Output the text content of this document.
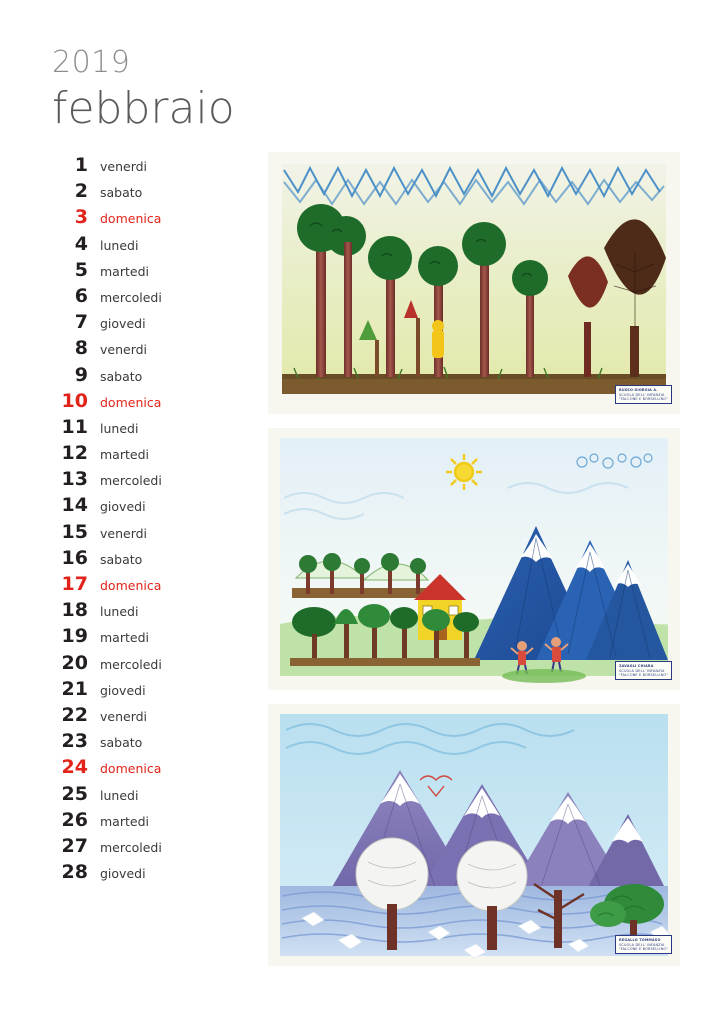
2019
febbraio
1 venerdi
2 sabato
3 domenica
4 lunedi
5 martedi
6 mercoledi
7 giovedi
8 venerdi
9 sabato
10 domenica
11 lunedi
12 martedi
13 mercoledi
14 giovedi
15 venerdi
16 sabato
17 domenica
18 lunedi
19 martedi
20 mercoledi
21 giovedi
22 venerdi
23 sabato
24 domenica
25 lunedi
26 martedi
27 mercoledi
28 giovedi
RUSSO GIORGIA A.
SCUOLA DELL' INFANZIA
"FALCONE E BORSELLINO"
ZAVAGLI CHIARA
SCUOLA DELL' INFANZIA
"FALCONE E BORSELLINO"
REGALLO TOMMASO
SCUOLA DELL' INFANZIA
"FALCONE E BORSELLINO"
